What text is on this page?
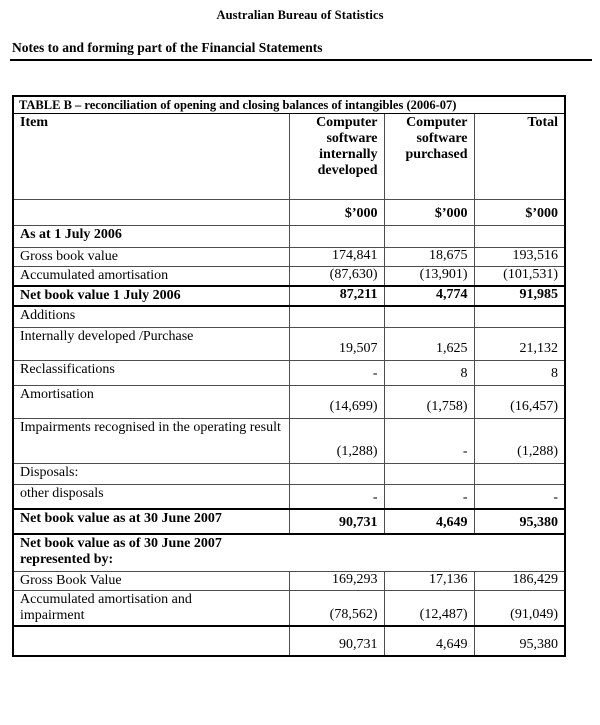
Australian Bureau of Statistics
Notes to and forming part of the Financial Statements
TABLE B – reconciliation of opening and closing balances of intangibles (2006-07)			
Item	Computer software internally developed	Computer software purchased	Total
	$’000	$’000	$’000
As at 1 July 2006			
Gross book value	174,841	18,675	193,516
Accumulated amortisation	(87,630)	(13,901)	(101,531)
Net book value 1 July 2006	87,211	4,774	91,985
Additions			
Internally developed /Purchase	19,507	1,625	21,132
Reclassifications	-	8	8
Amortisation	(14,699)	(1,758)	(16,457)
Impairments recognised in the operating result	(1,288)	-	(1,288)
Disposals:			
other disposals	-	-	-
Net book value as at 30 June 2007	90,731	4,649	95,380
Net book value as of 30 June 2007 represented by:			
Gross Book Value	169,293	17,136	186,429
Accumulated amortisation and impairment	(78,562)	(12,487)	(91,049)
	90,731	4,649	95,380
